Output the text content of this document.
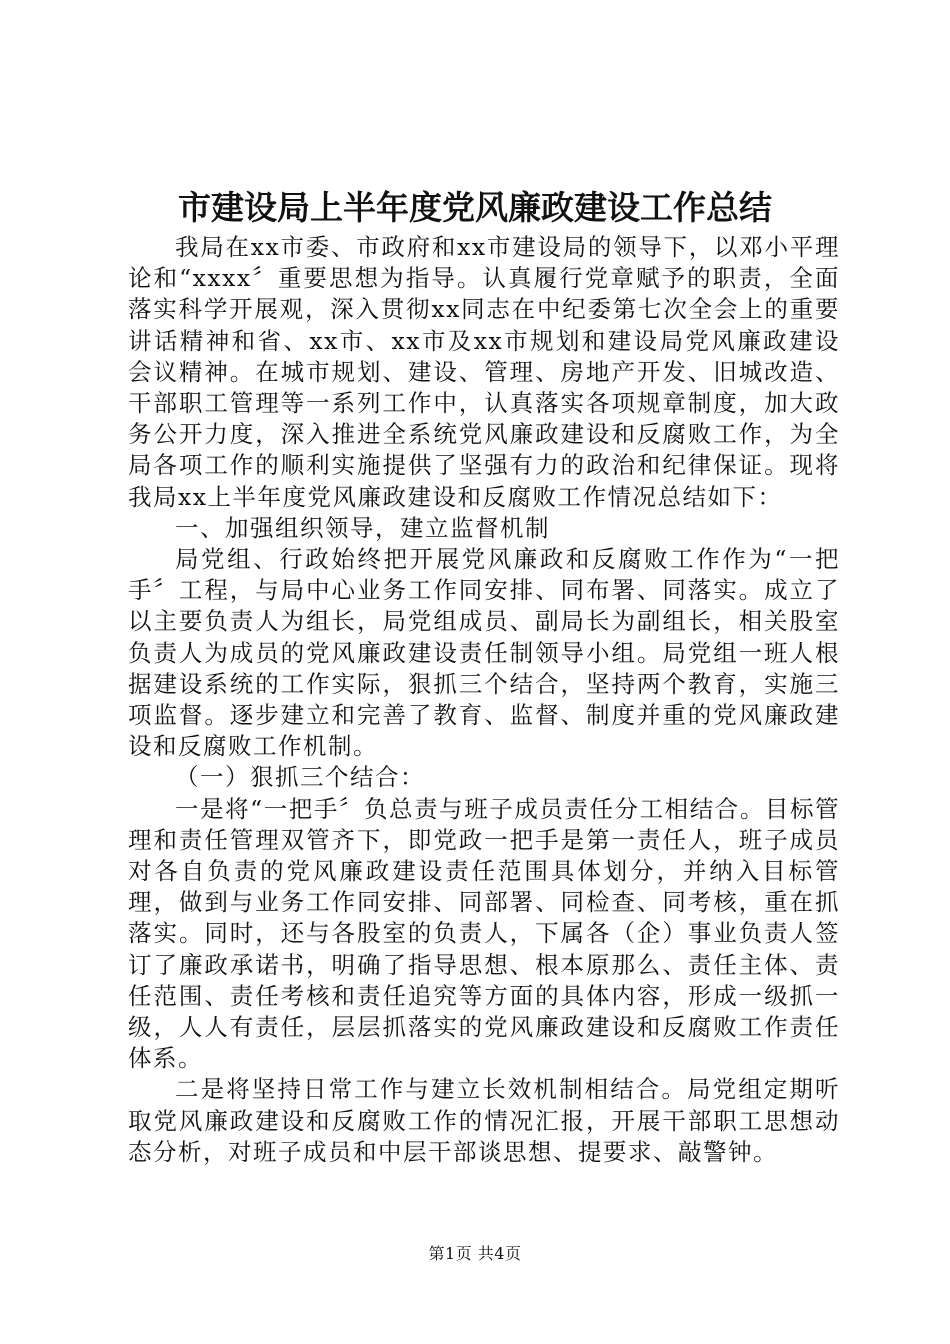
市建设局上半年度党风廉政建设工作总结

我局在xx市委、市政府和xx市建设局的领导下，以邓小平理论和“xxxx〞重要思想为指导。认真履行党章赋予的职责，全面落实科学开展观，深入贯彻xx同志在中纪委第七次全会上的重要讲话精神和省、xx市、xx市及xx市规划和建设局党风廉政建设会议精神。在城市规划、建设、管理、房地产开发、旧城改造、干部职工管理等一系列工作中，认真落实各项规章制度，加大政务公开力度，深入推进全系统党风廉政建设和反腐败工作，为全局各项工作的顺利实施提供了坚强有力的政治和纪律保证。现将我局xx上半年度党风廉政建设和反腐败工作情况总结如下：

一、加强组织领导，建立监督机制

局党组、行政始终把开展党风廉政和反腐败工作作为“一把手〞工程，与局中心业务工作同安排、同布署、同落实。成立了以主要负责人为组长，局党组成员、副局长为副组长，相关股室负责人为成员的党风廉政建设责任制领导小组。局党组一班人根据建设系统的工作实际，狠抓三个结合，坚持两个教育，实施三项监督。逐步建立和完善了教育、监督、制度并重的党风廉政建设和反腐败工作机制。

（一）狠抓三个结合：

一是将“一把手〞负总责与班子成员责任分工相结合。目标管理和责任管理双管齐下，即党政一把手是第一责任人，班子成员对各自负责的党风廉政建设责任范围具体划分，并纳入目标管理，做到与业务工作同安排、同部署、同检查、同考核，重在抓落实。同时，还与各股室的负责人，下属各（企）事业负责人签订了廉政承诺书，明确了指导思想、根本原那么、责任主体、责任范围、责任考核和责任追究等方面的具体内容，形成一级抓一级，人人有责任，层层抓落实的党风廉政建设和反腐败工作责任体系。

二是将坚持日常工作与建立长效机制相结合。局党组定期听取党风廉政建设和反腐败工作的情况汇报，开展干部职工思想动态分析，对班子成员和中层干部谈思想、提要求、敲警钟。

第1页 共4页
